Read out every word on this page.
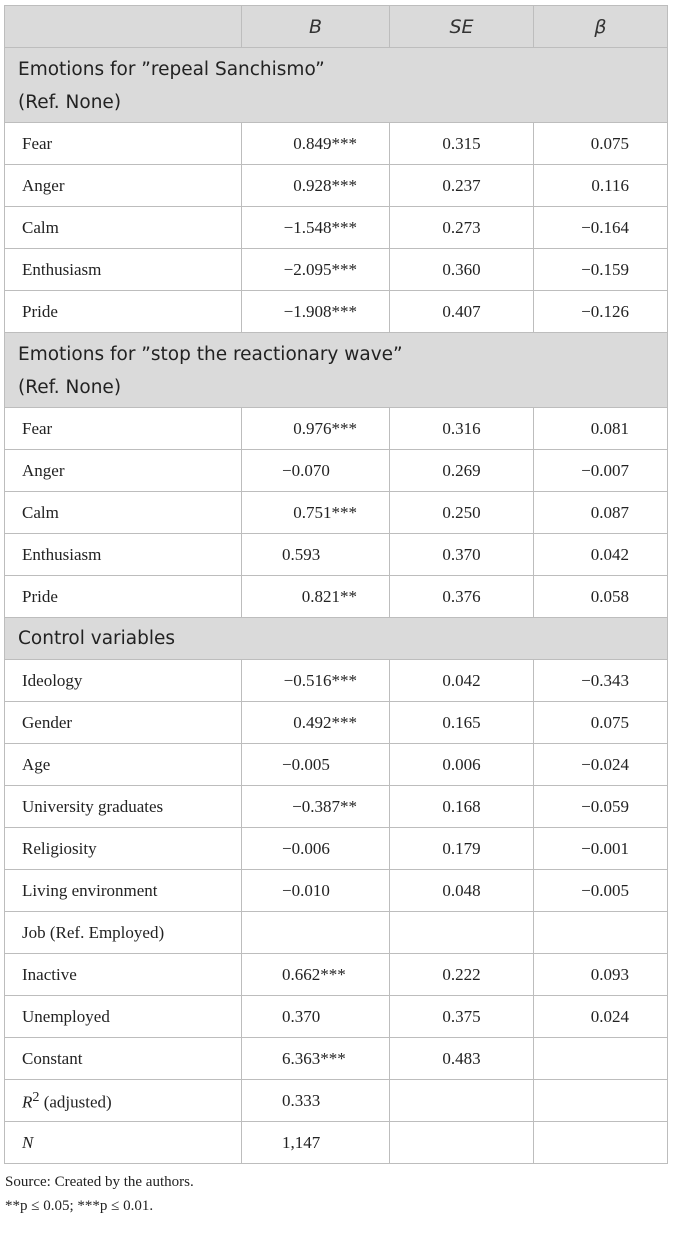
	B	SE	β

Emotions for ”repeal Sanchismo”
(Ref. None)			

Fear	0.849***	0.315	0.075
Anger	0.928***	0.237	0.116
Calm	−1.548***	0.273	−0.164
Enthusiasm	−2.095***	0.360	−0.159
Pride	−1.908***	0.407	−0.126

Emotions for ”stop the reactionary wave”
(Ref. None)			

Fear	0.976***	0.316	0.081
Anger	−0.070	0.269	−0.007
Calm	0.751***	0.250	0.087
Enthusiasm	0.593	0.370	0.042
Pride	0.821**	0.376	0.058
Control variables			
Ideology	−0.516***	0.042	−0.343
Gender	0.492***	0.165	0.075
Age	−0.005	0.006	−0.024
University graduates	−0.387**	0.168	−0.059
Religiosity	−0.006	0.179	−0.001
Living environment	−0.010	0.048	−0.005
Job (Ref. Employed)			
Inactive	0.662***	0.222	0.093
Unemployed	0.370	0.375	0.024
Constant	6.363***	0.483	
$R^2$ (adjusted)	0.333		
N	1,147		
Source: Created by the authors.
**p ≤ 0.05; ***p ≤ 0.01.
